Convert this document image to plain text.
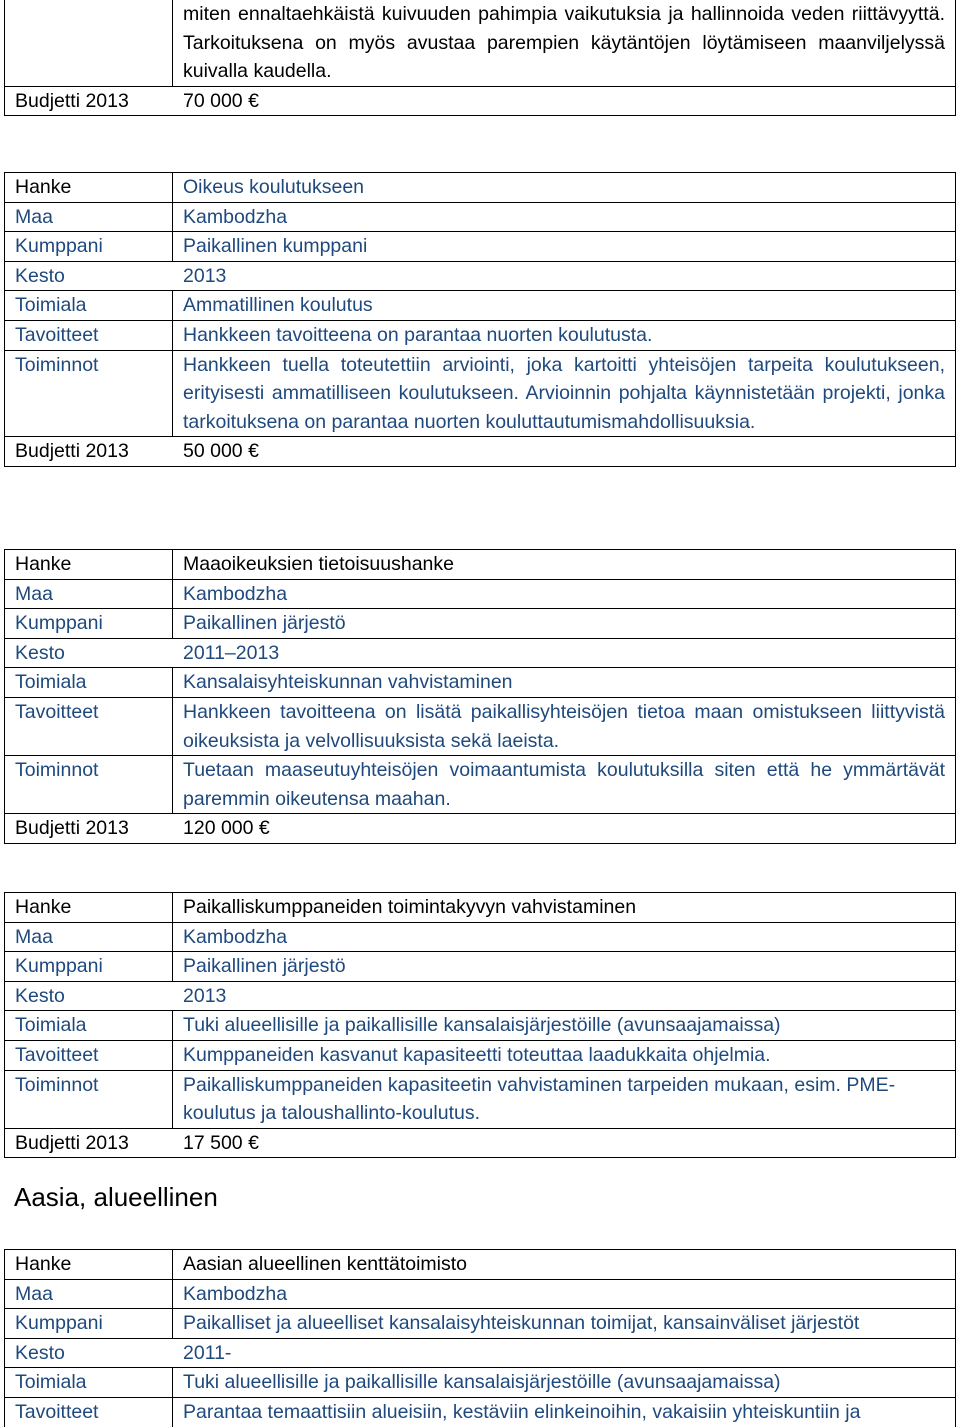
	miten ennaltaehkäistä kuivuuden pahimpia vaikutuksia ja hallinnoida veden riittävyyttä. Tarkoituksena on myös avustaa parempien käytäntöjen löytämiseen maanviljelyssä kuivalla kaudella.
Budjetti 2013	70 000 €
Hanke	Oikeus koulutukseen
Maa	Kambodzha
Kumppani	Paikallinen kumppani
Kesto 2013	
Toimiala	Ammatillinen koulutus
Tavoitteet	Hankkeen tavoitteena on parantaa nuorten koulutusta.
Toiminnot	Hankkeen tuella toteutettiin arviointi, joka kartoitti yhteisöjen tarpeita koulutukseen, erityisesti ammatilliseen koulutukseen. Arvioinnin pohjalta käynnistetään projekti, jonka tarkoituksena on parantaa nuorten kouluttautumismahdollisuuksia.
Budjetti 2013 50 000 €	
Hanke	Maaoikeuksien tietoisuushanke
Maa	Kambodzha
Kumppani	Paikallinen järjestö
Kesto 2011–2013	
Toimiala	Kansalaisyhteiskunnan vahvistaminen
Tavoitteet	Hankkeen tavoitteena on lisätä paikallisyhteisöjen tietoa maan omistukseen liittyvistä oikeuksista ja velvollisuuksista sekä laeista.
Toiminnot	Tuetaan maaseutuyhteisöjen voimaantumista koulutuksilla siten että he ymmärtävät paremmin oikeutensa maahan.
Budjetti 2013 120 000 €	
Hanke	Paikalliskumppaneiden toimintakyvyn vahvistaminen
Maa	Kambodzha
Kumppani	Paikallinen järjestö
Kesto 2013	
Toimiala	Tuki alueellisille ja paikallisille kansalaisjärjestöille (avunsaajamaissa)
Tavoitteet	Kumppaneiden kasvanut kapasiteetti toteuttaa laadukkaita ohjelmia.
Toiminnot	Paikalliskumppaneiden kapasiteetin vahvistaminen tarpeiden mukaan, esim. PME-koulutus ja taloushallinto-koulutus.
Budjetti 2013 17 500 €	
Aasia, alueellinen
Hanke	Aasian alueellinen kenttätoimisto
Maa	Kambodzha
Kumppani	Paikalliset ja alueelliset kansalaisyhteiskunnan toimijat, kansainväliset järjestöt
Kesto 2011-	
Toimiala	Tuki alueellisille ja paikallisille kansalaisjärjestöille (avunsaajamaissa)
Tavoitteet	Parantaa temaattisiin alueisiin, kestäviin elinkeinoihin, vakaisiin yhteiskuntiin ja
